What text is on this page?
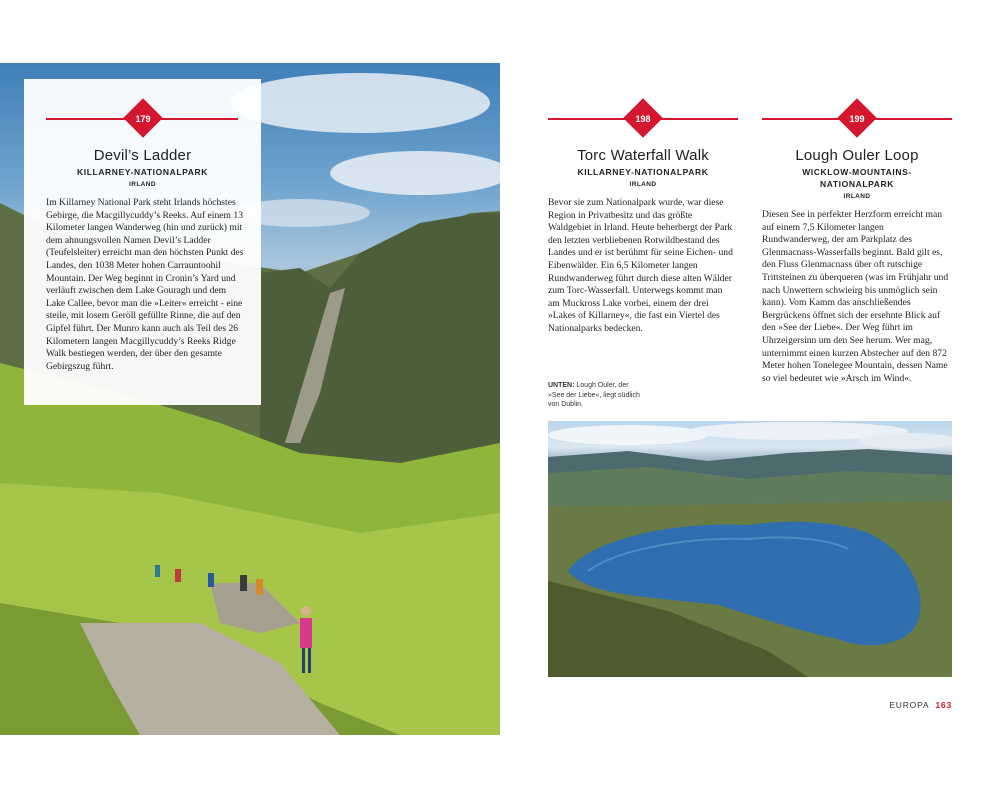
179
Devil’s Ladder
KILLARNEY-NATIONALPARK
IRLAND
Im Killarney National Park steht Irlands höchstes Gebirge, die Macgillycuddy’s Reeks. Auf einem 13 Kilometer langen Wanderweg (hin und zurück) mit dem ahnungsvollen Namen Devil’s Ladder (Teufelsleiter) erreicht man den höchsten Punkt des Landes, den 1038 Meter hohen Carrauntoohil Mountain. Der Weg beginnt in Cronin’s Yard und verläuft zwischen dem Lake Gouragh und dem Lake Callee, bevor man die »Leiter« erreicht - eine steile, mit losem Geröll gefüllte Rinne, die auf den Gipfel führt. Der Munro kann auch als Teil des 26 Kilometern langen Macgillycuddy’s Reeks Ridge Walk bestiegen werden, der über den gesamte Gebirgszug führt.
198
Torc Waterfall Walk
KILLARNEY-NATIONALPARK
IRLAND
Bevor sie zum Nationalpark wurde, war diese Region in Privatbesitz und das größte Waldgebiet in Irland. Heute beherbergt der Park den letzten verbliebenen Rotwildbestand des Landes und er ist berühmt für seine Eichen- und Eibenwälder. Ein 6,5 Kilometer langen Rundwanderweg führt durch diese alten Wälder zum Torc-Wasserfall. Unterwegs kommt man am Muckross Lake vorbei, einem der drei »Lakes of Killarney«, die fast ein Viertel des Nationalparks bedecken.
199
Lough Ouler Loop
WICKLOW-MOUNTAINS-NATIONALPARK
IRLAND
Diesen See in perfekter Herzform erreicht man auf einem 7,5 Kilometer langen Rundwanderweg, der am Parkplatz des Glenmacnass-Wasserfalls beginnt. Bald gilt es, den Fluss Glenmacnass über oft rutschige Trittsteinen zu überqueren (was im Frühjahr und nach Unwettern schwieirg bis unmöglich sein kann). Vom Kamm das anschließendes Bergrückens öffnet sich der ersehnte Blick auf den »See der Liebe«. Der Weg führt im Uhrzeigersinn um den See herum. Wer mag, unternimmt einen kurzen Abstecher auf den 872 Meter hohen Tonelegee Mountain, dessen Name so viel bedeutet wie »Arsch im Wind«.
UNTEN: Lough Ouler, der
»See der Liebe«, liegt südlich
von Dublin.
EUROPA 163
